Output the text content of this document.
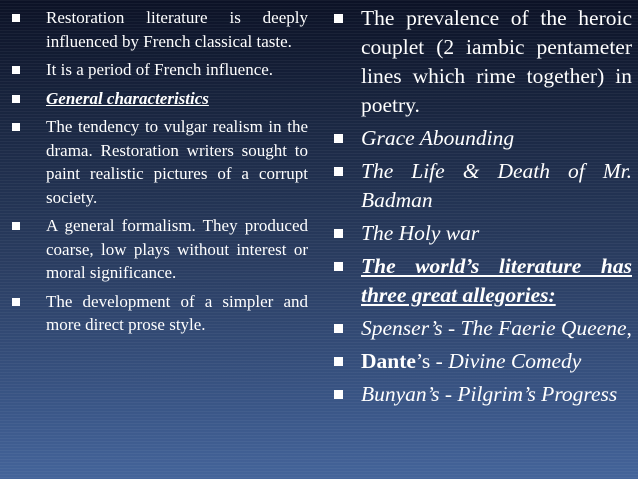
Restoration literature is deeply influenced by French classical taste.
It is a period of French influence.
General characteristics
The tendency to vulgar realism in the drama. Restoration writers sought to paint realistic pictures of a corrupt society.
A general formalism. They produced coarse, low plays without interest or moral significance.
The development of a simpler and more direct prose style.
The prevalence of the heroic couplet (2 iambic pentameter lines which rime together) in poetry.
Grace Abounding
The Life & Death of Mr. Badman
The Holy war
The world’s literature has three great allegories:
Spenser’s - The Faerie Queene,
Dante’s - Divine Comedy
Bunyan’s - Pilgrim’s Progress
